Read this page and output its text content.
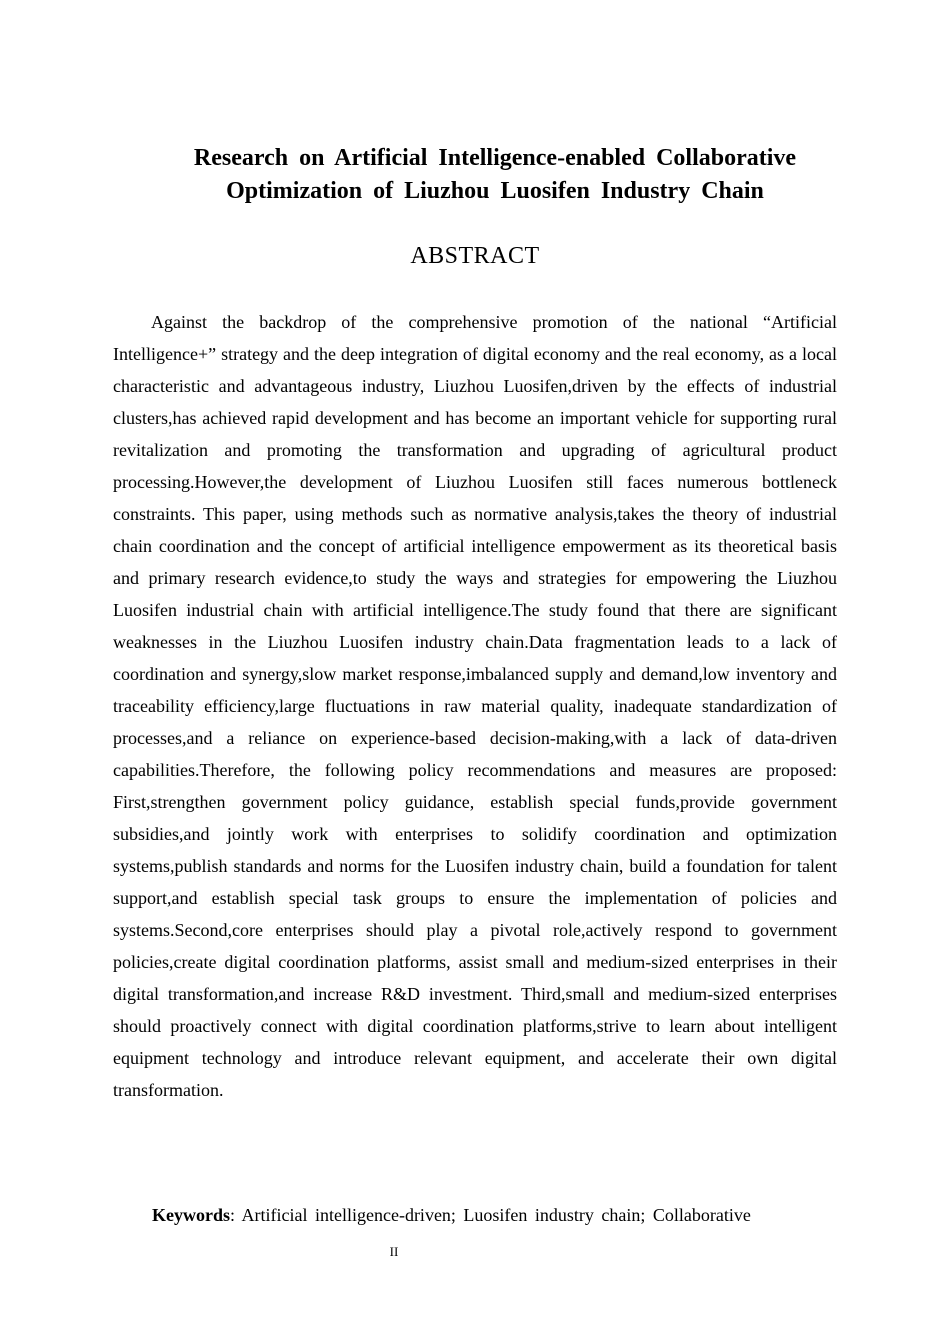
Research on Artificial Intelligence-enabled Collaborative
Optimization of Liuzhou Luosifen Industry Chain
ABSTRACT

Against the backdrop of the comprehensive promotion of the national “Artificial Intelligence+” strategy and the deep integration of digital economy and the real economy, as a local characteristic and advantageous industry, Liuzhou Luosifen,driven by the effects of industrial clusters,has achieved rapid development and has become an important vehicle for supporting rural revitalization and promoting the transformation and upgrading of agricultural product processing.However,the development of Liuzhou Luosifen still faces numerous bottleneck constraints. This paper, using methods such as normative analysis,takes the theory of industrial chain coordination and the concept of artificial intelligence empowerment as its theoretical basis and primary research evidence,to study the ways and strategies for empowering the Liuzhou Luosifen industrial chain with artificial intelligence.The study found that there are significant weaknesses in the Liuzhou Luosifen industry chain.Data fragmentation leads to a lack of coordination and synergy,slow market response,imbalanced supply and demand,low inventory and traceability efficiency,large fluctuations in raw material quality, inadequate standardization of processes,and a reliance on experience-based decision-making,with a lack of data-driven capabilities.Therefore, the following policy recommendations and measures are proposed: First,strengthen government policy guidance, establish special funds,provide government subsidies,and jointly work with enterprises to solidify coordination and optimization systems,publish standards and norms for the Luosifen industry chain, build a foundation for talent support,and establish special task groups to ensure the implementation of policies and systems.Second,core enterprises should play a pivotal role,actively respond to government policies,create digital coordination platforms, assist small and medium-sized enterprises in their digital transformation,and increase R&D investment. Third,small and medium-sized enterprises should proactively connect with digital coordination platforms,strive to learn about intelligent equipment technology and introduce relevant equipment, and accelerate their own digital transformation.

Keywords: Artificial intelligence-driven; Luosifen industry chain; Collaborative

II
